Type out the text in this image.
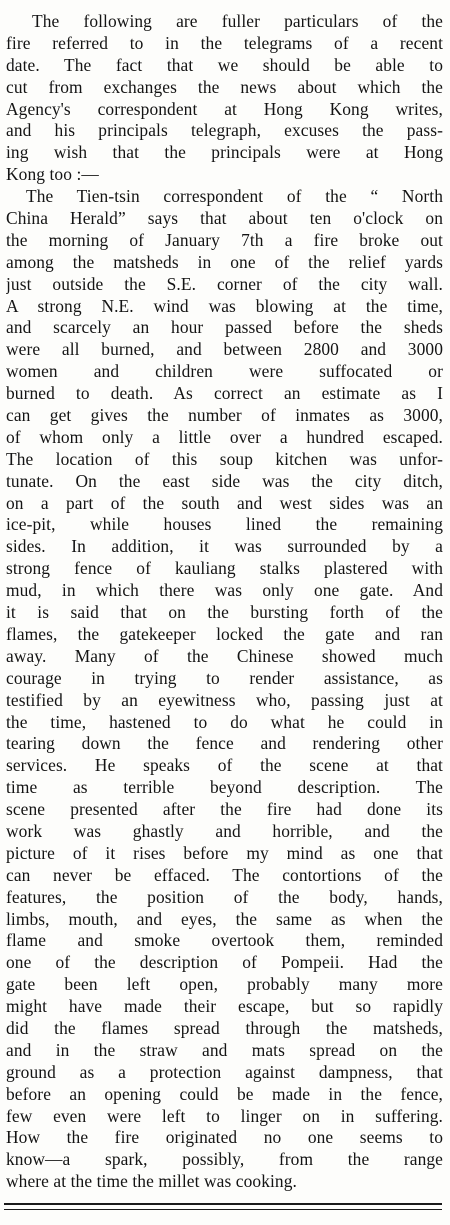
The following are fuller particulars of the
fire referred to in the telegrams of a recent
date. The fact that we should be able to
cut from exchanges the news about which the
Agency's correspondent at Hong Kong writes,
and his principals telegraph, excuses the pass-
ing wish that the principals were at Hong
Kong too :—
The Tien-tsin correspondent of the “ North
China Herald” says that about ten o'clock on
the morning of January 7th a fire broke out
among the matsheds in one of the relief yards
just outside the S.E. corner of the city wall.
A strong N.E. wind was blowing at the time,
and scarcely an hour passed before the sheds
were all burned, and between 2800 and 3000
women and children were suffocated or
burned to death. As correct an estimate as I
can get gives the number of inmates as 3000,
of whom only a little over a hundred escaped.
The location of this soup kitchen was unfor-
tunate. On the east side was the city ditch,
on a part of the south and west sides was an
ice-pit, while houses lined the remaining
sides. In addition, it was surrounded by a
strong fence of kauliang stalks plastered with
mud, in which there was only one gate. And
it is said that on the bursting forth of the
flames, the gatekeeper locked the gate and ran
away. Many of the Chinese showed much
courage in trying to render assistance, as
testified by an eyewitness who, passing just at
the time, hastened to do what he could in
tearing down the fence and rendering other
services. He speaks of the scene at that
time as terrible beyond description. The
scene presented after the fire had done its
work was ghastly and horrible, and the
picture of it rises before my mind as one that
can never be effaced. The contortions of the
features, the position of the body, hands,
limbs, mouth, and eyes, the same as when the
flame and smoke overtook them, reminded
one of the description of Pompeii. Had the
gate been left open, probably many more
might have made their escape, but so rapidly
did the flames spread through the matsheds,
and in the straw and mats spread on the
ground as a protection against dampness, that
before an opening could be made in the fence,
few even were left to linger on in suffering.
How the fire originated no one seems to
know—a spark, possibly, from the range
where at the time the millet was cooking.
